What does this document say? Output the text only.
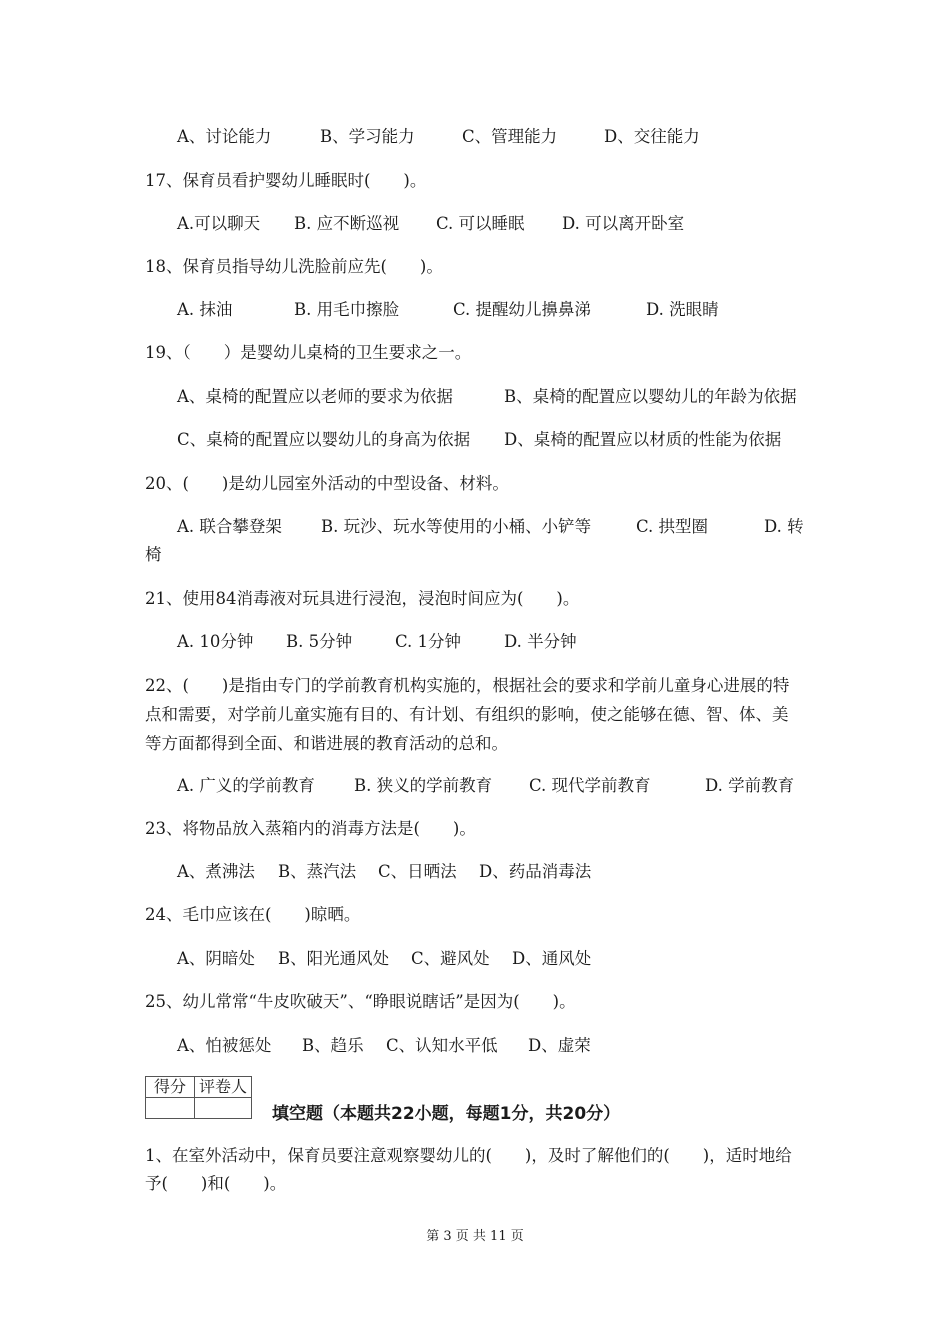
A、讨论能力	B、学习能力	C、管理能力	D、交往能力
17、保育员看护婴幼儿睡眠时(　　)。
A.可以聊天 B. 应不断巡视 C. 可以睡眠 D. 可以离开卧室
18、保育员指导幼儿洗脸前应先(　　)。
A. 抹油	B. 用毛巾擦脸	C. 提醒幼儿擤鼻涕	D. 洗眼睛
19、（　　）是婴幼儿桌椅的卫生要求之一。
A、桌椅的配置应以老师的要求为依据	B、桌椅的配置应以婴幼儿的年龄为依据
C、桌椅的配置应以婴幼儿的身高为依据 D、桌椅的配置应以材质的性能为依据
20、(　　)是幼儿园室外活动的中型设备、材料。
A. 联合攀登架 B. 玩沙、玩水等使用的小桶、小铲等	C. 拱型圈	D. 转
椅
21、使用84消毒液对玩具进行浸泡，浸泡时间应为(　　)。
A. 10分钟 B. 5分钟	C. 1分钟	D. 半分钟
22、(　　)是指由专门的学前教育机构实施的，根据社会的要求和学前儿童身心进展的特
点和需要，对学前儿童实施有目的、有计划、有组织的影响，使之能够在德、智、体、美
等方面都得到全面、和谐进展的教育活动的总和。
A. 广义的学前教育 B. 狭义的学前教育 C. 现代学前教育	D. 学前教育
23、将物品放入蒸箱内的消毒方法是(　　)。
A、煮沸法 B、蒸汽法 C、日晒法 D、药品消毒法
24、毛巾应该在(　　)晾晒。
A、阴暗处 B、阳光通风处 C、避风处 D、通风处
25、幼儿常常“牛皮吹破天”、“睁眼说瞎话”是因为(　　)。
A、怕被惩处 B、趋乐 C、认知水平低 D、虚荣
得分	评卷人

填空题（本题共22小题，每题1分，共20分）
1、在室外活动中，保育员要注意观察婴幼儿的(　　)，及时了解他们的(　　)，适时地给
予(　　)和(　　)。
第 3 页 共 11 页
